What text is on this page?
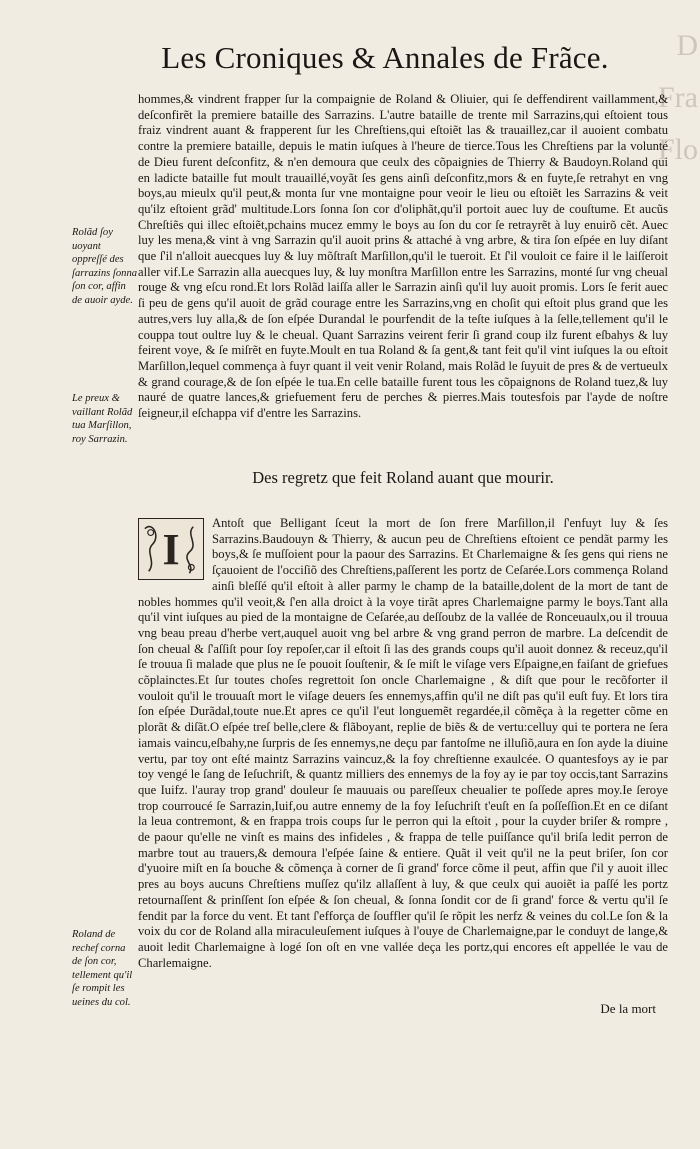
D
Fra
Flo
Les Croniques & Annales de Frãce.

hommes,& vindrent frapper ſur la compaignie de Roland & Oliuier, qui ſe deffendirent vaillamment,& deſconfirẽt la premiere bataille des Sarrazins. L'autre bataille de trente mil Sarrazins,qui eſtoient tous fraiz vindrent auant & frapperent ſur les Chreſtiens,qui eſtoiẽt las & trauaillez,car il auoient combatu contre la premiere bataille, depuis le matin iuſques à l'heure de tierce.Tous les Chreſtiens par la volunté de Dieu furent deſconfitz, & n'en demoura que ceulx des cõpaignies de Thierry & Baudoyn.Roland qui en ladicte bataille fut moult trauaillé,voyãt ſes gens ainſi deſconfitz,mors & en fuyte,ſe retrahyt en vng boys,au mieulx qu'il peut,& monta ſur vne montaigne pour veoir le lieu ou eſtoiẽt les Sarrazins & veit qu'ilz eſtoient grãd' multitude.Lors ſonna ſon cor d'oliphãt,qu'il portoit auec luy de couſtume. Et aucũs Chreſtiẽs qui illec eſtoiẽt,pchains mucez emmy le boys au ſon du cor ſe retrayrẽt à luy enuirõ cẽt. Auec luy les mena,& vint à vng Sarrazin qu'il auoit prins & attaché à vng arbre, & tira ſon eſpée en luy diſant que ſ'il n'alloit auecques luy & luy mõſtraſt Marſillon,qu'il le tueroit. Et ſ'il vouloit ce faire il le laiſſeroit aller vif.Le Sarrazin alla auecques luy, & luy monſtra Marſillon entre les Sarrazins, monté ſur vng cheual rouge & vng eſcu rond.Et lors Rolãd laiſſa aller le Sarrazin ainſi qu'il luy auoit promis. Lors ſe ferit auec ſi peu de gens qu'il auoit de grãd courage entre les Sarrazins,vng en choſit qui eſtoit plus grand que les autres,vers luy alla,& de ſon eſpée Durandal le pourfendit de la teſte iuſques à la ſelle,tellement qu'il le couppa tout oultre luy & le cheual. Quant Sarrazins veirent ferir ſi grand coup ilz furent eſbahys & luy feirent voye, & ſe miſrẽt en fuyte.Moult en tua Roland & ſa gent,& tant feit qu'il vint iuſques la ou eſtoit Marſillon,lequel commença à fuyr quant il veit venir Roland, mais Rolãd le ſuyuit de pres & de vertueulx & grand courage,& de ſon eſpée le tua.En celle bataille furent tous les cõpaignons de Roland tuez,& luy nauré de quatre lances,& griefuement feru de perches & pierres.Mais toutesfois par l'ayde de noſtre ſeigneur,il eſchappa vif d'entre les Sarrazins.

Rolãd ſoy uoyant oppreſſé des ſarrazins ſonna ſon cor, affin de auoir ayde.
Le preux & vaillant Rolãd tua Marſillon, roy Sarrazin.
Des regretz que feit Roland auant que mourir.
I

Antoſt que Belligant ſceut la mort de ſon frere Marſillon,il ſ'enfuyt luy & ſes Sarrazins.Baudouyn & Thierry, & aucun peu de Chreſtiens eſtoient ce pendãt parmy les boys,& ſe muſſoient pour la paour des Sarrazins. Et Charlemaigne & ſes gens qui riens ne ſçauoient de l'occiſiõ des Chreſtiens,paſſerent les portz de Ceſarée.Lors commença Roland ainſi bleſſé qu'il eſtoit à aller parmy le champ de la bataille,dolent de la mort de tant de nobles hommes qu'il veoit,& ſ'en alla droict à la voye tirãt apres Charlemaigne parmy le boys.Tant alla qu'il vint iuſques au pied de la montaigne de Ceſarée,au deſſoubz de la vallée de Ronceuaulx,ou il trouua vng beau preau d'herbe vert,auquel auoit vng bel arbre & vng grand perron de marbre. La deſcendit de ſon cheual & ſ'aſſiſt pour ſoy repoſer,car il eſtoit ſi las des grands coups qu'il auoit donnez & receuz,qu'il ſe trouua ſi malade que plus ne ſe pouoit ſouſtenir, & ſe miſt le viſage vers Eſpaigne,en faiſant de griefues cõplainctes.Et ſur toutes choſes regrettoit ſon oncle Charlemaigne , & diſt que pour le recõforter il vouloit qu'il le trouuaſt mort le viſage deuers ſes ennemys,affin qu'il ne diſt pas qu'il euſt fuy. Et lors tira ſon eſpée Durãdal,toute nue.Et apres ce qu'il l'eut longuemẽt regardée,il cõmẽça à la regetter cõme en plorãt & diſãt.O eſpée treſ belle,clere & flãboyant, replie de biẽs & de vertu:celluy qui te portera ne ſera iamais vaincu,eſbahy,ne ſurpris de ſes ennemys,ne deçu par fantoſme ne illuſiõ,aura en ſon ayde la diuine vertu, par toy ont eſté maintz Sarrazins vaincuz,& la foy chreſtienne exaulcée. O quantesfoys ay ie par toy vengé le ſang de Ieſuchriſt, & quantz milliers des ennemys de la foy ay ie par toy occis,tant Sarrazins que Iuifz. l'auray trop grand' douleur ſe mauuais ou pareſſeux cheualier te poſſede apres moy.Ie ſeroye trop courroucé ſe Sarrazin,Iuif,ou autre ennemy de la foy Ieſuchriſt t'euſt en ſa poſſeſſion.Et en ce diſant la leua contremont, & en frappa trois coups ſur le perron qui la eſtoit , pour la cuyder briſer & rompre , de paour qu'elle ne vinſt es mains des infideles , & frappa de telle puiſſance qu'il briſa ledit perron de marbre tout au trauers,& demoura l'eſpée ſaine & entiere. Quãt il veit qu'il ne la peut briſer, ſon cor d'yuoire miſt en ſa bouche & cõmença à corner de ſi grand' force cõme il peut, affin que ſ'il y auoit illec pres au boys aucuns Chreſtiens muſſez qu'ilz allaſſent à luy, & que ceulx qui auoiẽt ia paſſé les portz retournaſſent & prinſſent ſon eſpée & ſon cheual, & ſonna ſondit cor de ſi grand' force & vertu qu'il ſe fendit par la force du vent. Et tant ſ'efforça de ſouffler qu'il ſe rõpit les nerfz & veines du col.Le ſon & la voix du cor de Roland alla miraculeuſement iuſques à l'ouye de Charlemaigne,par le conduyt de lange,& auoit ledit Charlemaigne à logé ſon oſt en vne vallée deça les portz,qui encores eſt appellée le vau de Charlemaigne.

Roland de rechef corna de ſon cor, tellement qu'il ſe rompit les ueines du col.	De la mort
